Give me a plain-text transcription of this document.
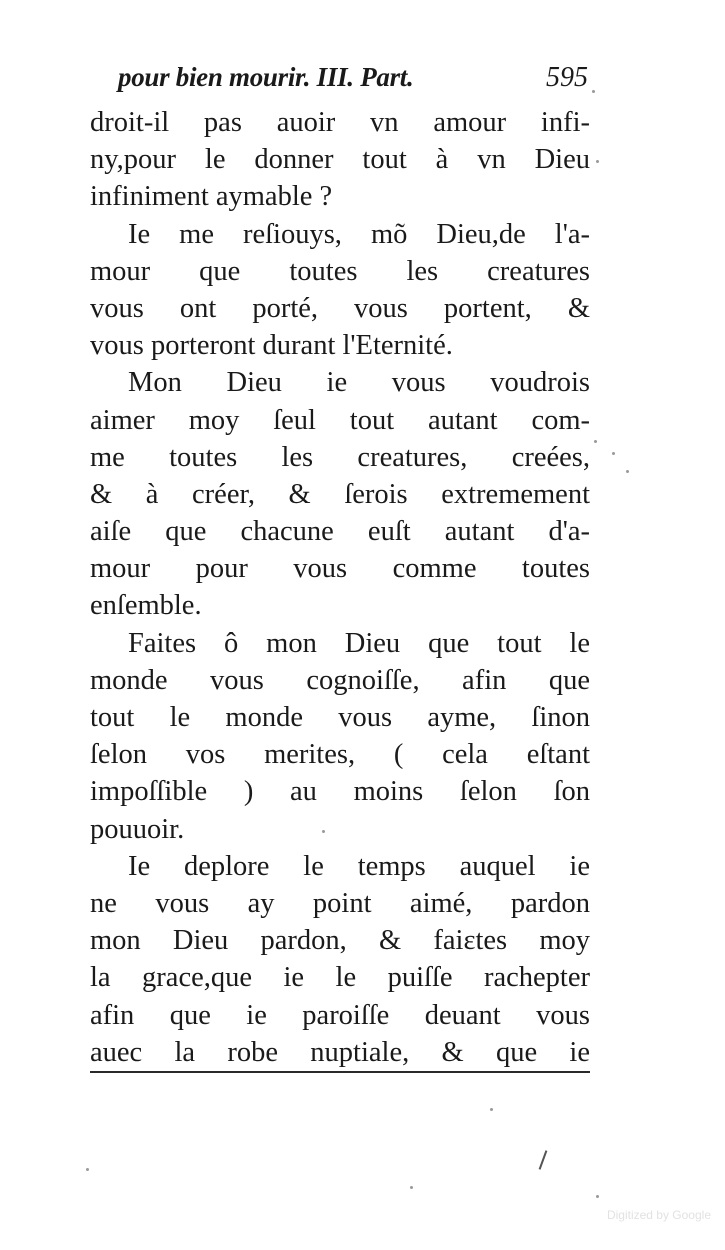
pour bien mourir. III. Part.	595
droit-il pas auoir vn amour infi-
ny,pour le donner tout à vn Dieu
infiniment aymable ?
Ie me reſiouys, mõ Dieu,de l'a-
mour que toutes les creatures
vous ont porté, vous portent, &
vous porteront durant l'Eternité.
Mon Dieu ie vous voudrois
aimer moy ſeul tout autant com-
me toutes les creatures, creées,
& à créer, & ſerois extremement
aiſe que chacune euſt autant d'a-
mour pour vous comme toutes
enſemble.
Faites ô mon Dieu que tout le
monde vous cognoiſſe, afin que
tout le monde vous ayme, ſinon
ſelon vos merites, ( cela eſtant
impoſſible ) au moins ſelon ſon
pouuoir.
Ie deplore le temps auquel ie
ne vous ay point aimé, pardon
mon Dieu pardon, & faiɛtes moy
la grace,que ie le puiſſe rachepter
afin que ie paroiſſe deuant vous
auec la robe nuptiale, & que ie
Digitized by Google
